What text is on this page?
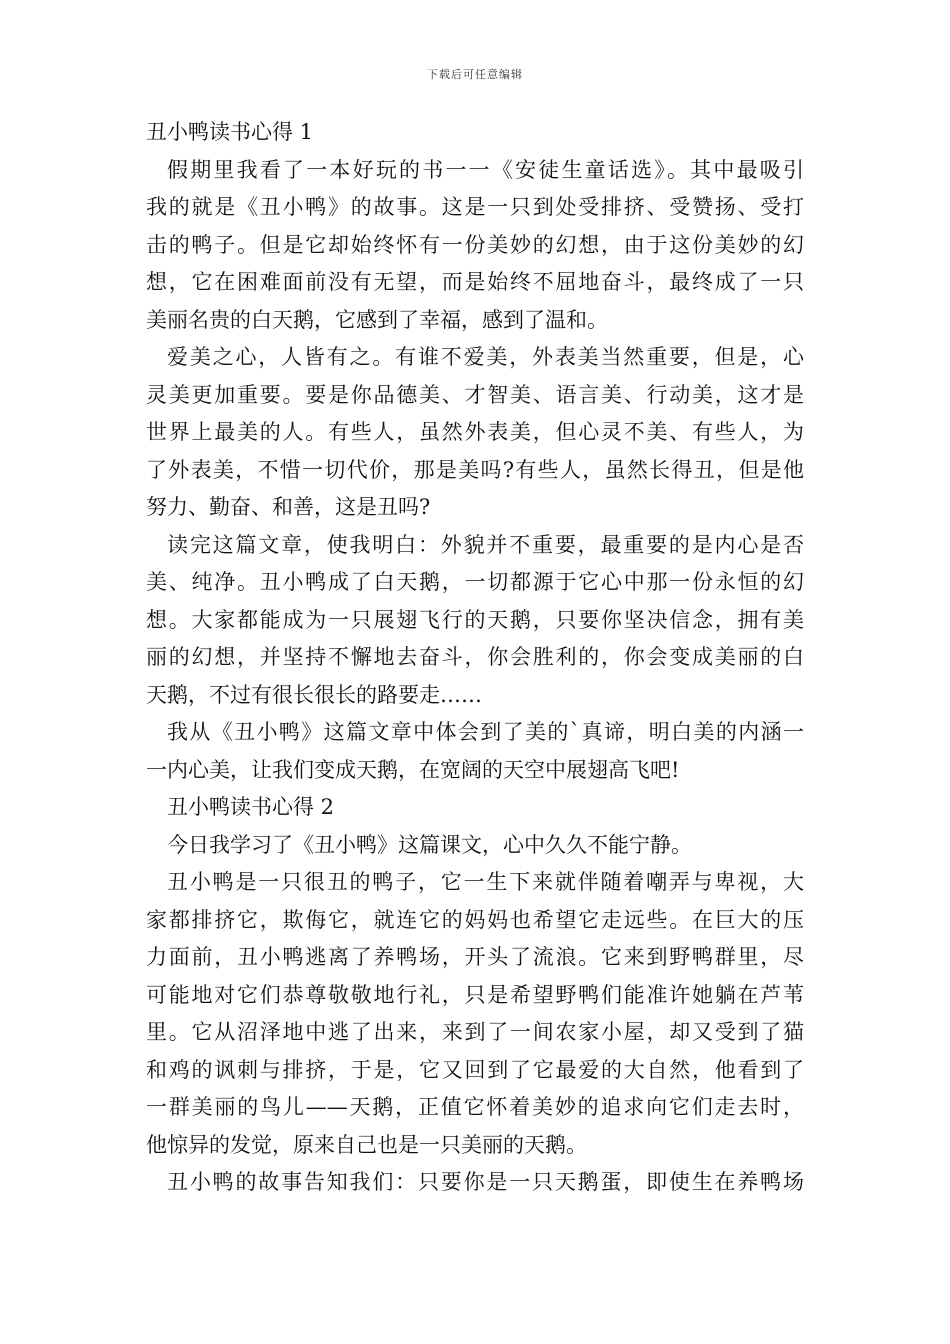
下载后可任意编辑
丑小鸭读书心得 1
假期里我看了一本好玩的书一一《安徒生童话选》。其中最吸引
我的就是《丑小鸭》的故事。这是一只到处受排挤、受赞扬、受打
击的鸭子。但是它却始终怀有一份美妙的幻想，由于这份美妙的幻
想，它在困难面前没有无望，而是始终不屈地奋斗，最终成了一只
美丽名贵的白天鹅，它感到了幸福，感到了温和。
爱美之心，人皆有之。有谁不爱美，外表美当然重要，但是，心
灵美更加重要。要是你品德美、才智美、语言美、行动美，这才是
世界上最美的人。有些人，虽然外表美，但心灵不美、有些人，为
了外表美，不惜一切代价，那是美吗?有些人，虽然长得丑，但是他
努力、勤奋、和善，这是丑吗?
读完这篇文章，使我明白：外貌并不重要，最重要的是内心是否
美、纯净。丑小鸭成了白天鹅，一切都源于它心中那一份永恒的幻
想。大家都能成为一只展翅飞行的天鹅，只要你坚决信念，拥有美
丽的幻想，并坚持不懈地去奋斗，你会胜利的，你会变成美丽的白
天鹅，不过有很长很长的路要走……
我从《丑小鸭》这篇文章中体会到了美的`真谛，明白美的内涵一
一内心美，让我们变成天鹅，在宽阔的天空中展翅高飞吧!
丑小鸭读书心得 2
今日我学习了《丑小鸭》这篇课文，心中久久不能宁静。
丑小鸭是一只很丑的鸭子，它一生下来就伴随着嘲弄与卑视，大
家都排挤它，欺侮它，就连它的妈妈也希望它走远些。在巨大的压
力面前，丑小鸭逃离了养鸭场，开头了流浪。它来到野鸭群里，尽
可能地对它们恭尊敬敬地行礼，只是希望野鸭们能准许她躺在芦苇
里。它从沼泽地中逃了出来，来到了一间农家小屋，却又受到了猫
和鸡的讽刺与排挤，于是，它又回到了它最爱的大自然，他看到了
一群美丽的鸟儿——天鹅，正值它怀着美妙的追求向它们走去时，
他惊异的发觉，原来自己也是一只美丽的天鹅。
丑小鸭的故事告知我们：只要你是一只天鹅蛋，即使生在养鸭场
